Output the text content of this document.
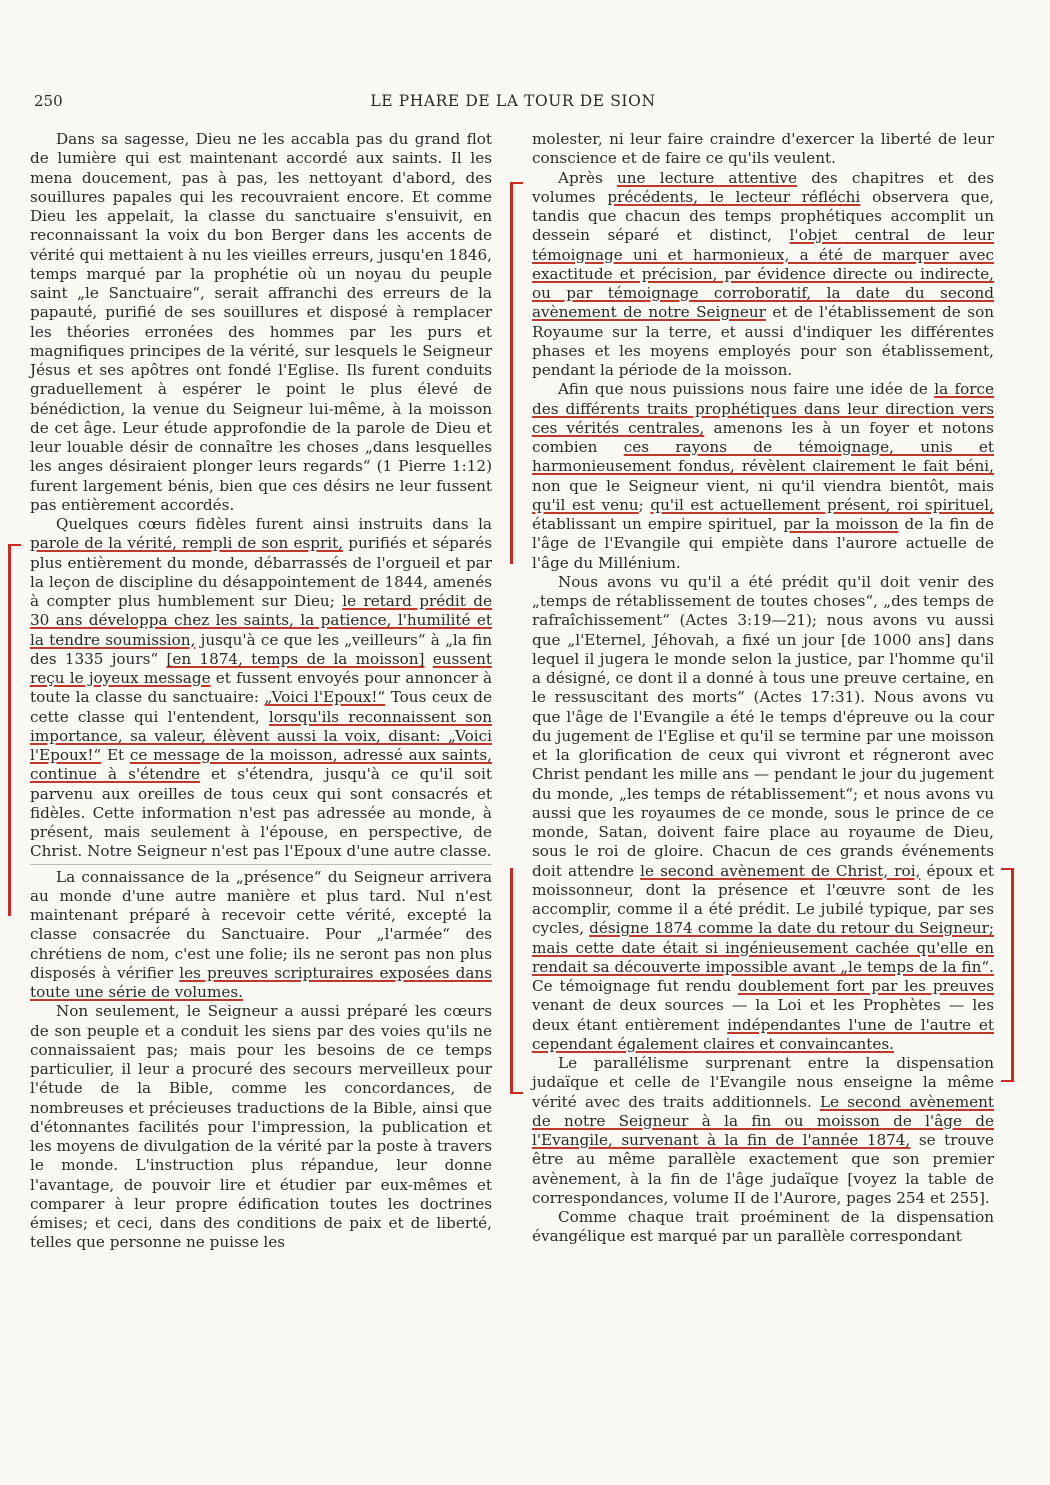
250	LE PHARE DE LA TOUR DE SION

Dans sa sagesse, Dieu ne les accabla pas du grand flot de lumière qui est maintenant accordé aux saints. Il les mena doucement, pas à pas, les nettoyant d'abord, des souillures papales qui les recouvraient encore. Et comme Dieu les appelait, la classe du sanctuaire s'ensuivit, en reconnaissant la voix du bon Berger dans les accents de vérité qui mettaient à nu les vieilles erreurs, jusqu'en 1846, temps marqué par la prophétie où un noyau du peuple saint „le Sanctuaire“, serait affranchi des erreurs de la papauté, purifié de ses souillures et disposé à remplacer les théories erronées des hommes par les purs et magnifiques principes de la vérité, sur lesquels le Seigneur Jésus et ses apôtres ont fondé l'Eglise. Ils furent conduits graduellement à espérer le point le plus élevé de bénédiction, la venue du Seigneur lui-même, à la moisson de cet âge. Leur étude approfondie de la parole de Dieu et leur louable désir de connaître les choses „dans lesquelles les anges désiraient plonger leurs regards“ (1 Pierre 1:12) furent largement bénis, bien que ces désirs ne leur fussent pas entièrement accordés.

Quelques cœurs fidèles furent ainsi instruits dans la parole de la vérité, rempli de son esprit, purifiés et séparés plus entièrement du monde, débarrassés de l'orgueil et par la leçon de discipline du désappointement de 1844, amenés à compter plus humblement sur Dieu; le retard prédit de 30 ans développa chez les saints, la patience, l'humilité et la tendre soumission, jusqu'à ce que les „veilleurs“ à „la fin des 1335 jours“ [en 1874, temps de la moisson] eussent reçu le joyeux message et fussent envoyés pour annoncer à toute la classe du sanctuaire: „Voici l'Epoux!“ Tous ceux de cette classe qui l'entendent, lorsqu'ils reconnaissent son importance, sa valeur, élèvent aussi la voix, disant: „Voici l'Epoux!“ Et ce message de la moisson, adressé aux saints, continue à s'étendre et s'étendra, jusqu'à ce qu'il soit parvenu aux oreilles de tous ceux qui sont consacrés et fidèles. Cette information n'est pas adressée au monde, à présent, mais seulement à l'épouse, en perspective, de Christ. Notre Seigneur n'est pas l'Epoux d'une autre classe.

La connaissance de la „présence“ du Seigneur arrivera au monde d'une autre manière et plus tard. Nul n'est maintenant préparé à recevoir cette vérité, excepté la classe consacrée du Sanctuaire. Pour „l'armée“ des chrétiens de nom, c'est une folie; ils ne seront pas non plus disposés à vérifier les preuves scripturaires exposées dans toute une série de volumes.

Non seulement, le Seigneur a aussi préparé les cœurs de son peuple et a conduit les siens par des voies qu'ils ne connaissaient pas; mais pour les besoins de ce temps particulier, il leur a procuré des secours merveilleux pour l'étude de la Bible, comme les concordances, de nombreuses et précieuses traductions de la Bible, ainsi que d'étonnantes facilités pour l'impression, la publication et les moyens de divulgation de la vérité par la poste à travers le monde. L'instruction plus répandue, leur donne l'avantage, de pouvoir lire et étudier par eux-mêmes et comparer à leur propre édification toutes les doctrines émises; et ceci, dans des conditions de paix et de liberté, telles que personne ne puisse les

molester, ni leur faire craindre d'exercer la liberté de leur conscience et de faire ce qu'ils veulent.

Après une lecture attentive des chapitres et des volumes précédents, le lecteur réfléchi observera que, tandis que chacun des temps prophétiques accomplit un dessein séparé et distinct, l'objet central de leur témoignage uni et harmonieux, a été de marquer avec exactitude et précision, par évidence directe ou indirecte, ou par témoignage corroboratif, la date du second avènement de notre Seigneur et de l'établissement de son Royaume sur la terre, et aussi d'indiquer les différentes phases et les moyens employés pour son établissement, pendant la période de la moisson.

Afin que nous puissions nous faire une idée de la force des différents traits prophétiques dans leur direction vers ces vérités centrales, amenons les à un foyer et notons combien ces rayons de témoignage, unis et harmonieusement fondus, révèlent clairement le fait béni, non que le Seigneur vient, ni qu'il viendra bientôt, mais qu'il est venu; qu'il est actuellement présent, roi spirituel, établissant un empire spirituel, par la moisson de la fin de l'âge de l'Evangile qui empiète dans l'aurore actuelle de l'âge du Millénium.

Nous avons vu qu'il a été prédit qu'il doit venir des „temps de rétablissement de toutes choses“, „des temps de rafraîchissement“ (Actes 3:19—21); nous avons vu aussi que „l'Eternel, Jéhovah, a fixé un jour [de 1000 ans] dans lequel il jugera le monde selon la justice, par l'homme qu'il a désigné, ce dont il a donné à tous une preuve certaine, en le ressuscitant des morts“ (Actes 17:31). Nous avons vu que l'âge de l'Evangile a été le temps d'épreuve ou la cour du jugement de l'Eglise et qu'il se termine par une moisson et la glorification de ceux qui vivront et régneront avec Christ pendant les mille ans — pendant le jour du jugement du monde, „les temps de rétablissement“; et nous avons vu aussi que les royaumes de ce monde, sous le prince de ce monde, Satan, doivent faire place au royaume de Dieu, sous le roi de gloire. Chacun de ces grands événements doit attendre le second avènement de Christ, roi, époux et moissonneur, dont la présence et l'œuvre sont de les accomplir, comme il a été prédit. Le jubilé typique, par ses cycles, désigne 1874 comme la date du retour du Seigneur; mais cette date était si ingénieusement cachée qu'elle en rendait sa découverte impossible avant „le temps de la fin“. Ce témoignage fut rendu doublement fort par les preuves venant de deux sources — la Loi et les Prophètes — les deux étant entièrement indépendantes l'une de l'autre et cependant également claires et convaincantes.

Le parallélisme surprenant entre la dispensation judaïque et celle de l'Evangile nous enseigne la même vérité avec des traits additionnels. Le second avènement de notre Seigneur à la fin ou moisson de l'âge de l'Evangile, survenant à la fin de l'année 1874, se trouve être au même parallèle exactement que son premier avènement, à la fin de l'âge judaïque [voyez la table de correspondances, volume II de l'Aurore, pages 254 et 255].

Comme chaque trait proéminent de la dispensation évangélique est marqué par un parallèle correspondant
